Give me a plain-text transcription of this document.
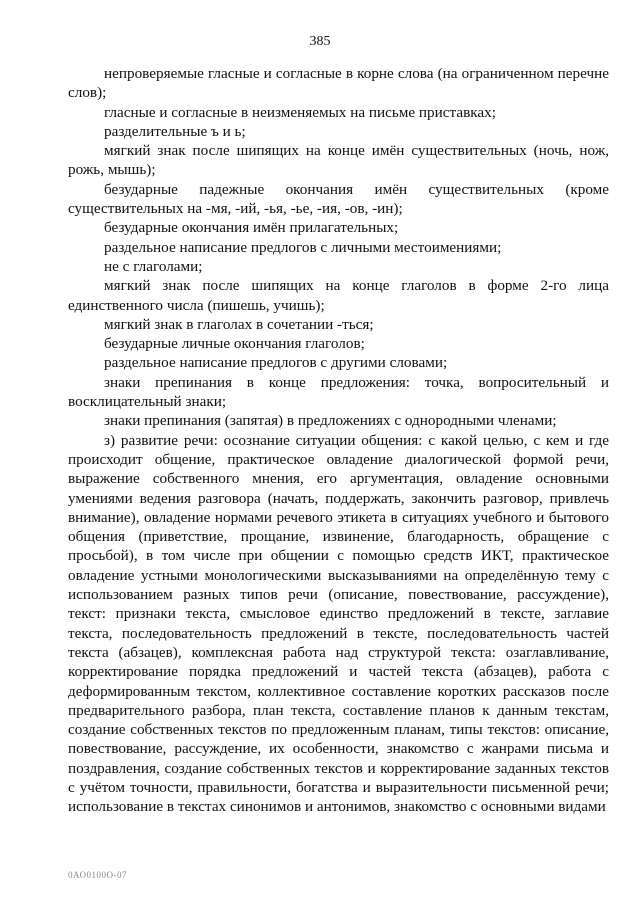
385

непроверяемые гласные и согласные в корне слова (на ограниченном перечне слов);

гласные и согласные в неизменяемых на письме приставках;

разделительные ъ и ь;

мягкий знак после шипящих на конце имён существительных (ночь, нож, рожь, мышь);

безударные падежные окончания имён существительных (кроме существительных на -мя, -ий, -ья, -ье, -ия, -ов, -ин);

безударные окончания имён прилагательных;

раздельное написание предлогов с личными местоимениями;

не с глаголами;

мягкий знак после шипящих на конце глаголов в форме 2-го лица единственного числа (пишешь, учишь);

мягкий знак в глаголах в сочетании -ться;

безударные личные окончания глаголов;

раздельное написание предлогов с другими словами;

знаки препинания в конце предложения: точка, вопросительный и восклицательный знаки;

знаки препинания (запятая) в предложениях с однородными членами;

з) развитие речи: осознание ситуации общения: с какой целью, с кем и где происходит общение, практическое овладение диалогической формой речи, выражение собственного мнения, его аргументация, овладение основными умениями ведения разговора (начать, поддержать, закончить разговор, привлечь внимание), овладение нормами речевого этикета в ситуациях учебного и бытового общения (приветствие, прощание, извинение, благодарность, обращение с просьбой), в том числе при общении с помощью средств ИКТ, практическое овладение устными монологическими высказываниями на определённую тему с использованием разных типов речи (описание, повествование, рассуждение), текст: признаки текста, смысловое единство предложений в тексте, заглавие текста, последовательность предложений в тексте, последовательность частей текста (абзацев), комплексная работа над структурой текста: озаглавливание, корректирование порядка предложений и частей текста (абзацев), работа с деформированным текстом, коллективное составление коротких рассказов после предварительного разбора, план текста, составление планов к данным текстам, создание собственных текстов по предложенным планам, типы текстов: описание, повествование, рассуждение, их особенности, знакомство с жанрами письма и поздравления, создание собственных текстов и корректирование заданных текстов с учётом точности, правильности, богатства и выразительности письменной речи; использование в текстах синонимов и антонимов, знакомство с основными видами

0АО0100О-07
